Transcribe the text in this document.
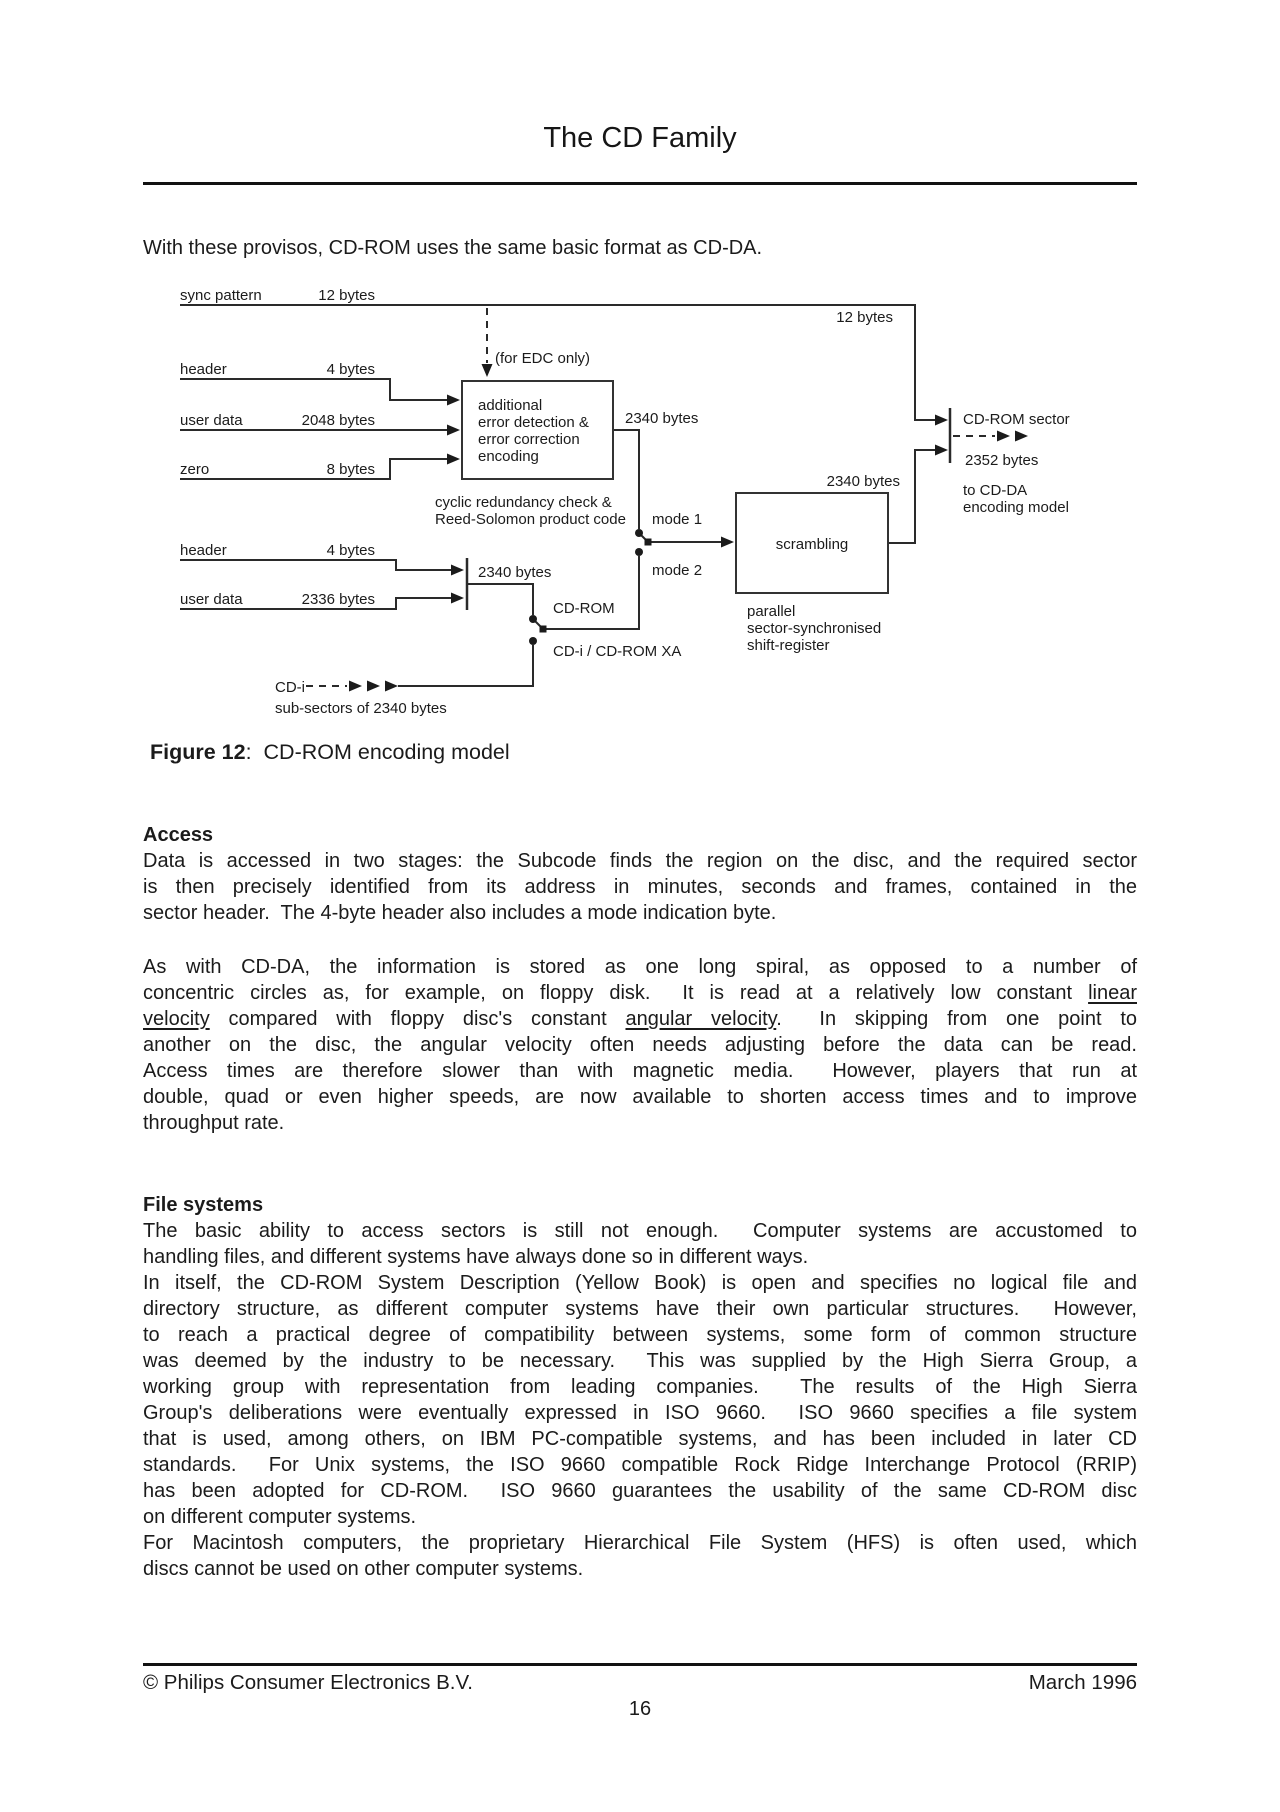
The CD Family
With these provisos, CD-ROM uses the same basic format as CD-DA.
sync pattern	12 bytes
header	4 bytes
user data	2048 bytes
zero	8 bytes
(for EDC only)
additional
error detection &
error correction
encoding
cyclic redundancy check &
Reed-Solomon product code
2340 bytes
mode 1
mode 2
scrambling
2340 bytes
parallel
sector-synchronised
shift-register
12 bytes
CD-ROM sector
2352 bytes
to CD-DA
encoding model
header	4 bytes
user data	2336 bytes
2340 bytes
CD-ROM
CD-i / CD-ROM XA
CD-i
sub-sectors of 2340 bytes
Figure 12:  CD-ROM encoding model
Access
Data is accessed in two stages: the Subcode finds the region on the disc, and the required sector
is then precisely identified from its address in minutes, seconds and frames, contained in the
sector header.  The 4-byte header also includes a mode indication byte.
As with CD-DA, the information is stored as one long spiral, as opposed to a number of
concentric circles as, for example, on floppy disk.  It is read at a relatively low constant linear
velocity compared with floppy disc's constant angular velocity.  In skipping from one point to
another on the disc, the angular velocity often needs adjusting before the data can be read.
Access times are therefore slower than with magnetic media.  However, players that run at
double, quad or even higher speeds, are now available to shorten access times and to improve
throughput rate.
File systems
The basic ability to access sectors is still not enough.  Computer systems are accustomed to
handling files, and different systems have always done so in different ways.
In itself, the CD-ROM System Description (Yellow Book) is open and specifies no logical file and
directory structure, as different computer systems have their own particular structures.  However,
to reach a practical degree of compatibility between systems, some form of common structure
was deemed by the industry to be necessary.  This was supplied by the High Sierra Group, a
working group with representation from leading companies.  The results of the High Sierra
Group's deliberations were eventually expressed in ISO 9660.  ISO 9660 specifies a file system
that is used, among others, on IBM PC-compatible systems, and has been included in later CD
standards.  For Unix systems, the ISO 9660 compatible Rock Ridge Interchange Protocol (RRIP)
has been adopted for CD-ROM.  ISO 9660 guarantees the usability of the same CD-ROM disc
on different computer systems.
For Macintosh computers, the proprietary Hierarchical File System (HFS) is often used, which
discs cannot be used on other computer systems.
© Philips Consumer Electronics B.V.	March 1996
16
